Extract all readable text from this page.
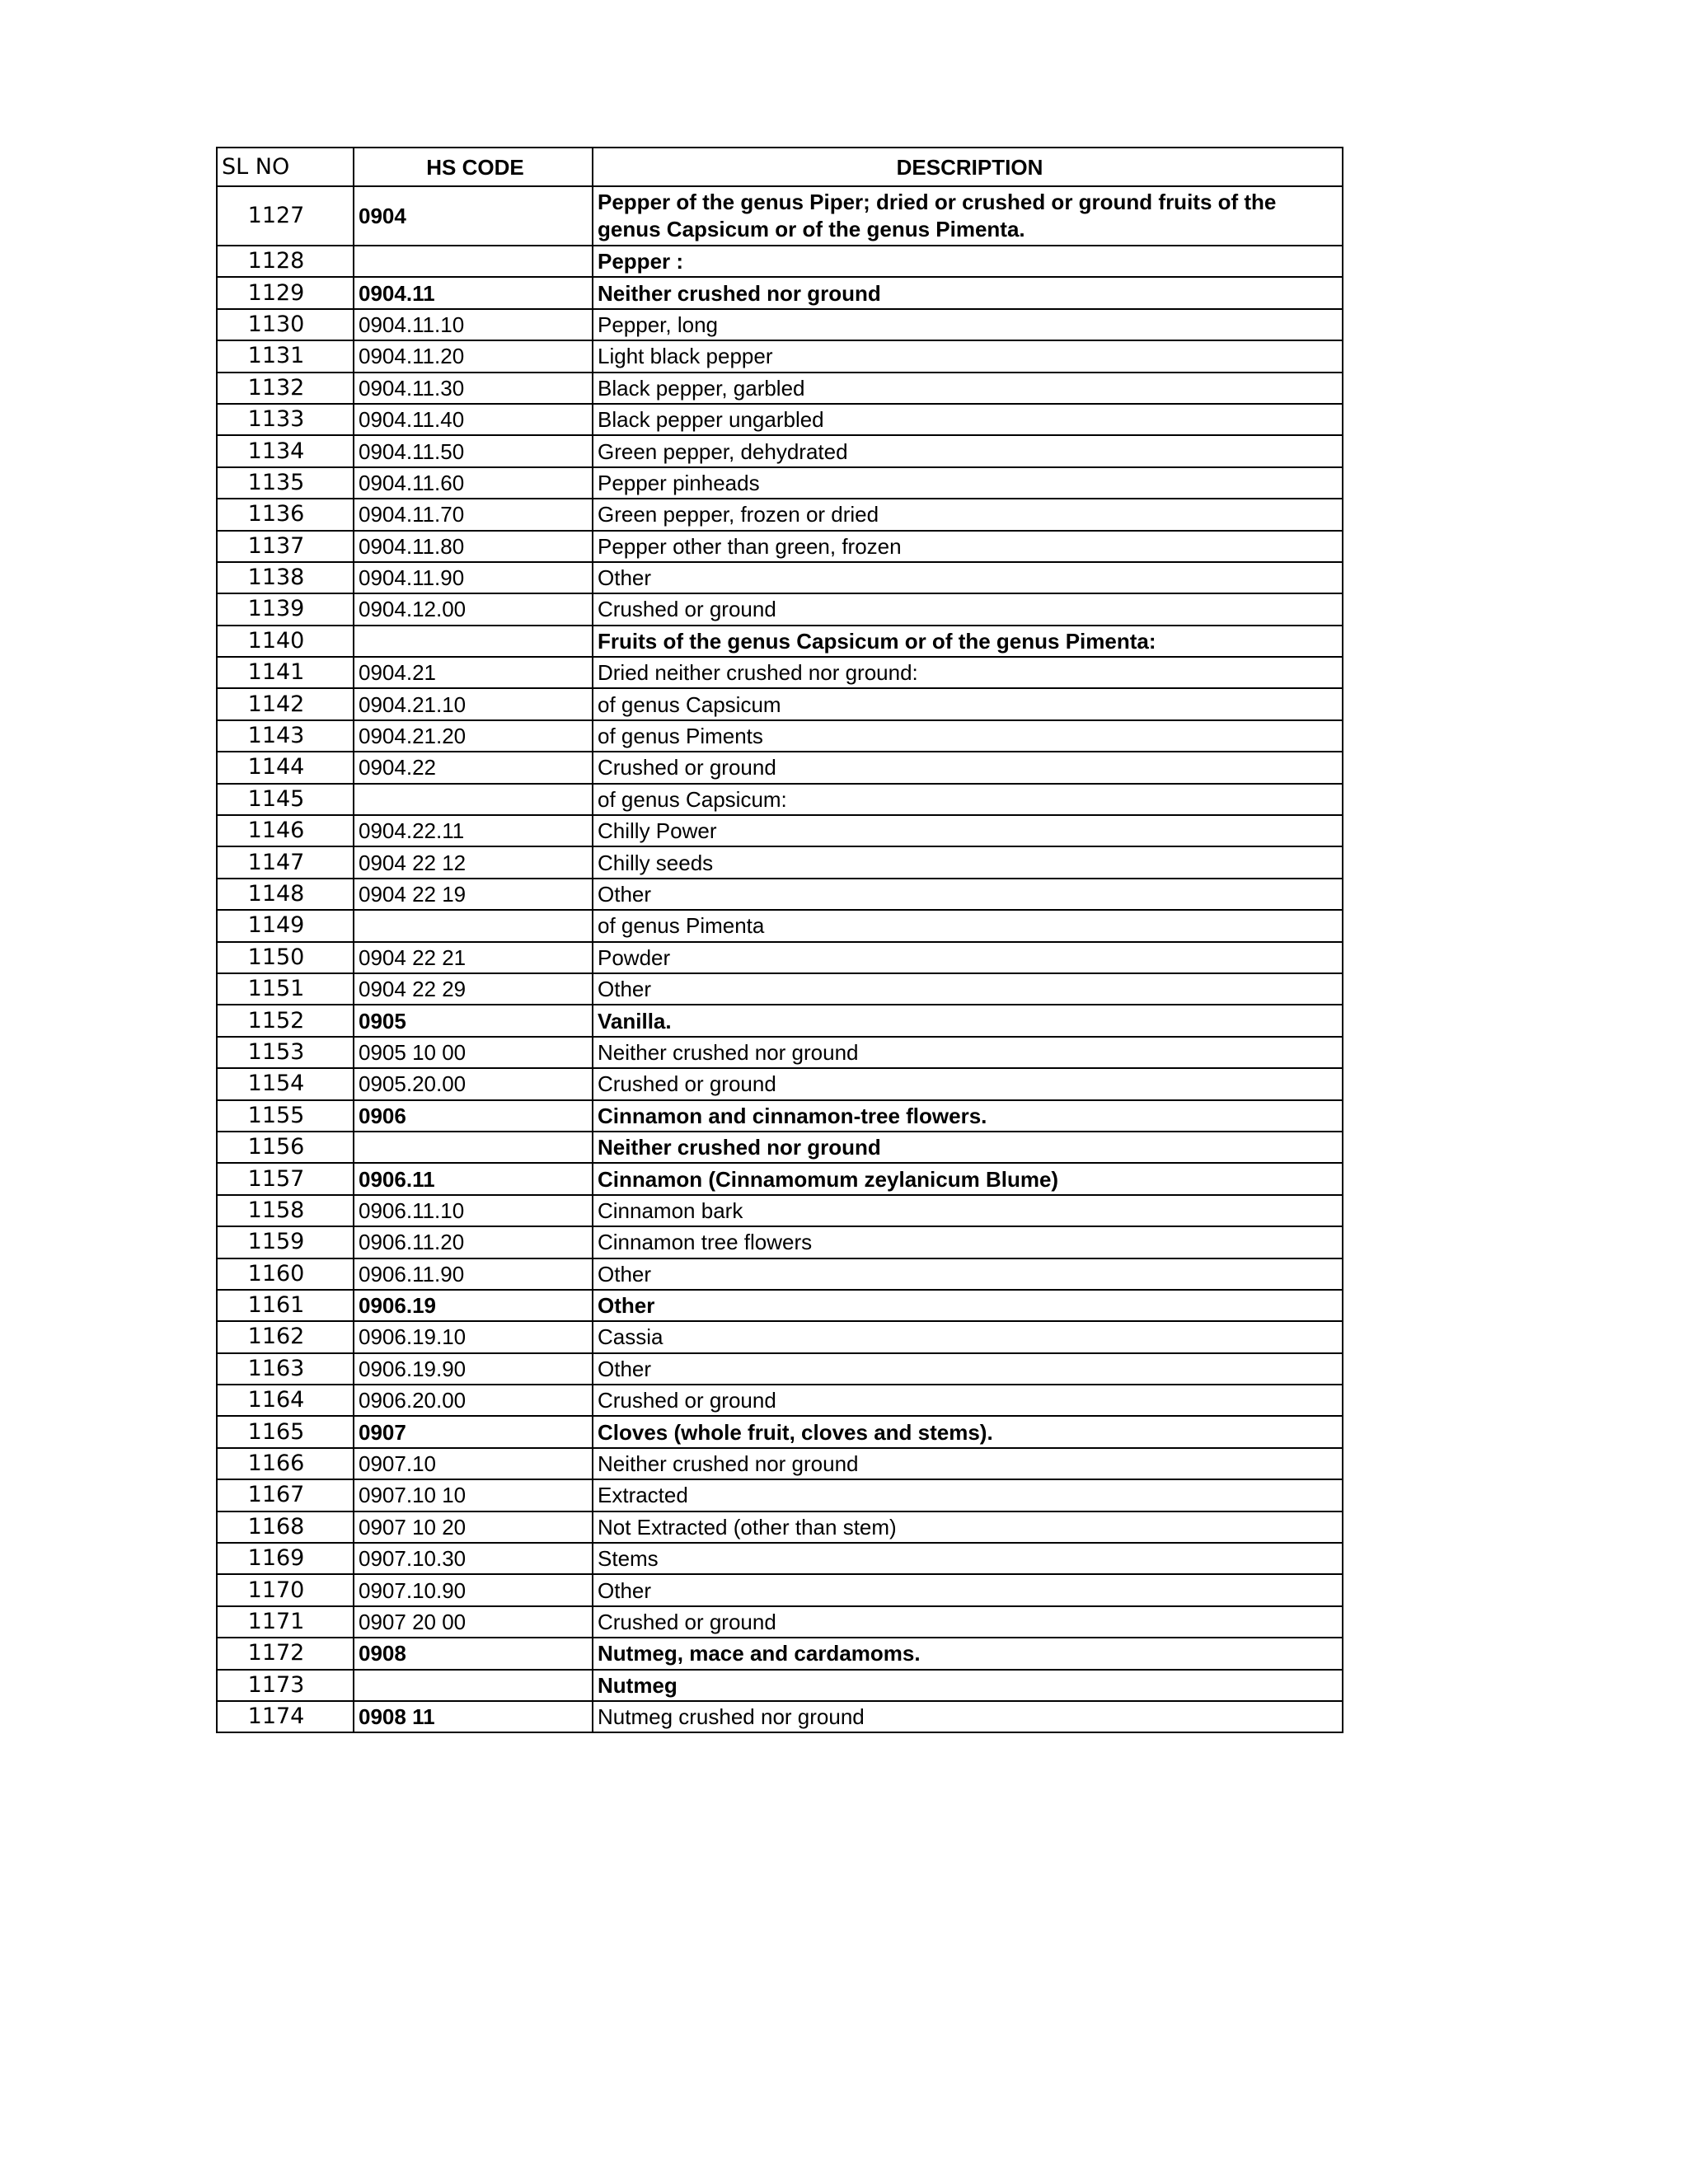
SL NO	HS CODE	DESCRIPTION
1127	0904	Pepper of the genus Piper; dried or crushed or ground fruits of the genus Capsicum or of the genus Pimenta.
1128		Pepper :
1129	0904.11	Neither crushed nor ground
1130	0904.11.10	Pepper, long
1131	0904.11.20	Light black pepper
1132	0904.11.30	Black pepper, garbled
1133	0904.11.40	Black pepper ungarbled
1134	0904.11.50	Green pepper, dehydrated
1135	0904.11.60	Pepper pinheads
1136	0904.11.70	Green pepper, frozen or dried
1137	0904.11.80	Pepper other than green, frozen
1138	0904.11.90	Other
1139	0904.12.00	Crushed or ground
1140		Fruits of the genus Capsicum or of the genus Pimenta:
1141	0904.21	Dried neither crushed nor ground:
1142	0904.21.10	of genus Capsicum
1143	0904.21.20	of genus Piments
1144	0904.22	Crushed or ground
1145		of genus Capsicum:
1146	0904.22.11	Chilly Power
1147	0904 22 12	Chilly seeds
1148	0904 22 19	Other
1149		of genus Pimenta
1150	0904 22 21	Powder
1151	0904 22 29	Other
1152	0905	Vanilla.
1153	0905 10 00	Neither crushed nor ground
1154	0905.20.00	Crushed or ground
1155	0906	Cinnamon and cinnamon-tree flowers.
1156		Neither crushed nor ground
1157	0906.11	Cinnamon (Cinnamomum zeylanicum Blume)
1158	0906.11.10	Cinnamon bark
1159	0906.11.20	Cinnamon tree flowers
1160	0906.11.90	Other
1161	0906.19	Other
1162	0906.19.10	Cassia
1163	0906.19.90	Other
1164	0906.20.00	Crushed or ground
1165	0907	Cloves (whole fruit, cloves and stems).
1166	0907.10	Neither crushed nor ground
1167	0907.10 10	Extracted
1168	0907 10 20	Not Extracted (other than stem)
1169	0907.10.30	Stems
1170	0907.10.90	Other
1171	0907 20 00	Crushed or ground
1172	0908	Nutmeg, mace and cardamoms.
1173		Nutmeg
1174	0908 11	Nutmeg crushed nor ground
